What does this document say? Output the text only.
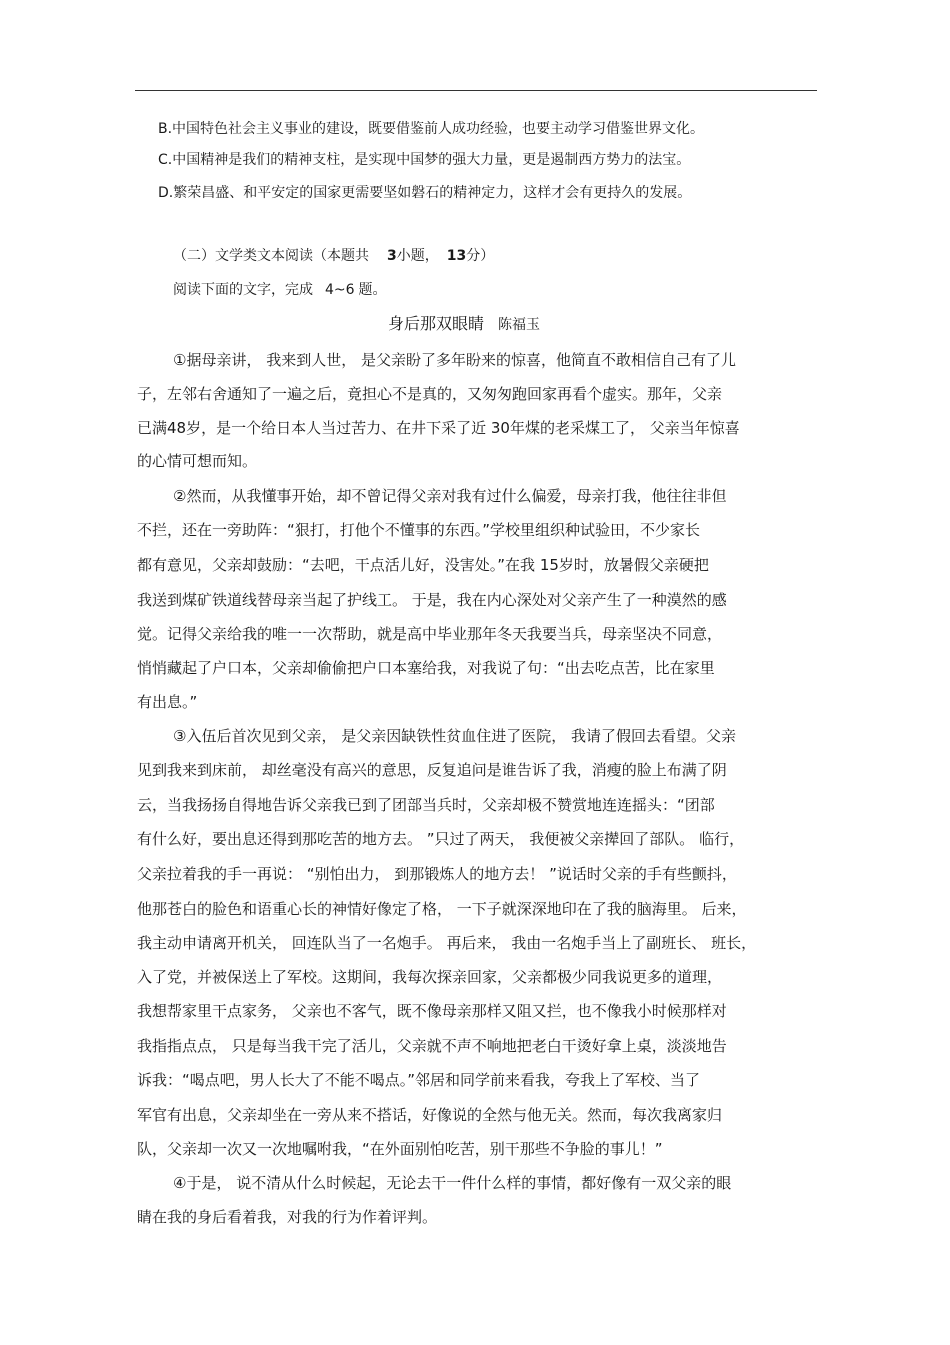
B.中国特色社会主义事业的建设，既要借鉴前人成功经验，也要主动学习借鉴世界文化。
C.中国精神是我们的精神支柱，是实现中国梦的强大力量，更是遏制西方势力的法宝。
D.繁荣昌盛、和平安定的国家更需要坚如磐石的精神定力，这样才会有更持久的发展。
（二）文学类文本阅读（本题共 3小题， 13分）
阅读下面的文字，完成 4~6 题。
身后那双眼睛 陈福玉
①据母亲讲， 我来到人世， 是父亲盼了多年盼来的惊喜，他简直不敢相信自己有了儿
子，左邻右舍通知了一遍之后，竟担心不是真的，又匆匆跑回家再看个虚实。那年，父亲
已满48岁，是一个给日本人当过苦力、在井下采了近 30年煤的老采煤工了， 父亲当年惊喜
的心情可想而知。
②然而，从我懂事开始，却不曾记得父亲对我有过什么偏爱，母亲打我，他往往非但
不拦，还在一旁助阵：“狠打，打他个不懂事的东西。”学校里组织种试验田，不少家长
都有意见，父亲却鼓励：“去吧，干点活儿好，没害处。”在我 15岁时，放暑假父亲硬把
我送到煤矿铁道线替母亲当起了护线工。 于是，我在内心深处对父亲产生了一种漠然的感
觉。记得父亲给我的唯一一次帮助，就是高中毕业那年冬天我要当兵，母亲坚决不同意，
悄悄藏起了户口本，父亲却偷偷把户口本塞给我，对我说了句：“出去吃点苦，比在家里
有出息。”
③入伍后首次见到父亲， 是父亲因缺铁性贫血住进了医院， 我请了假回去看望。父亲
见到我来到床前， 却丝毫没有高兴的意思，反复追问是谁告诉了我，消瘦的脸上布满了阴
云，当我扬扬自得地告诉父亲我已到了团部当兵时，父亲却极不赞赏地连连摇头：“团部
有什么好，要出息还得到那吃苦的地方去。 ”只过了两天， 我便被父亲撵回了部队。 临行，
父亲拉着我的手一再说： “别怕出力， 到那锻炼人的地方去！ ”说话时父亲的手有些颤抖，
他那苍白的脸色和语重心长的神情好像定了格， 一下子就深深地印在了我的脑海里。 后来，
我主动申请离开机关， 回连队当了一名炮手。 再后来， 我由一名炮手当上了副班长、 班长，
入了党，并被保送上了军校。这期间，我每次探亲回家，父亲都极少同我说更多的道理，
我想帮家里干点家务， 父亲也不客气，既不像母亲那样又阻又拦，也不像我小时候那样对
我指指点点， 只是每当我干完了活儿，父亲就不声不响地把老白干烫好拿上桌，淡淡地告
诉我：“喝点吧，男人长大了不能不喝点。”邻居和同学前来看我，夸我上了军校、当了
军官有出息，父亲却坐在一旁从来不搭话，好像说的全然与他无关。然而，每次我离家归
队，父亲却一次又一次地嘱咐我，“在外面别怕吃苦，别干那些不争脸的事儿！”
④于是， 说不清从什么时候起，无论去干一件什么样的事情，都好像有一双父亲的眼
睛在我的身后看着我，对我的行为作着评判。
